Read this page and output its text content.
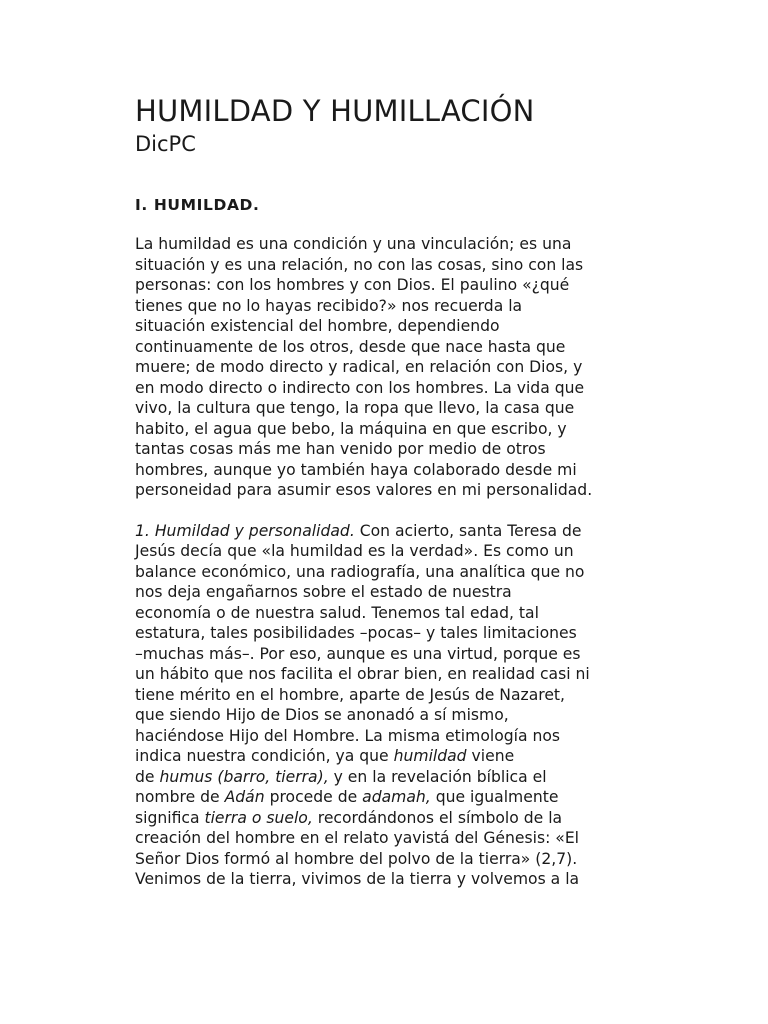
HUMILDAD Y HUMILLACIÓN
DicPC
I. HUMILDAD.

La humildad es una condición y una vinculación; es una
situación y es una relación, no con las cosas, sino con las
personas: con los hombres y con Dios. El paulino «¿qué
tienes que no lo hayas recibido?» nos recuerda la
situación existencial del hombre, dependiendo
continuamente de los otros, desde que nace hasta que
muere; de modo directo y radical, en relación con Dios, y
en modo directo o indirecto con los hombres. La vida que
vivo, la cultura que tengo, la ropa que llevo, la casa que
habito, el agua que bebo, la máquina en que escribo, y
tantas cosas más me han venido por medio de otros
hombres, aunque yo también haya colaborado desde mi
personeidad para asumir esos valores en mi personalidad.

1. Humildad y personalidad. Con acierto, santa Teresa de
Jesús decía que «la humildad es la verdad». Es como un
balance económico, una radiografía, una analítica que no
nos deja engañarnos sobre el estado de nuestra
economía o de nuestra salud. Tenemos tal edad, tal
estatura, tales posibilidades –pocas– y tales limitaciones
–muchas más–. Por eso, aunque es una virtud, porque es
un hábito que nos facilita el obrar bien, en realidad casi ni
tiene mérito en el hombre, aparte de Jesús de Nazaret,
que siendo Hijo de Dios se anonadó a sí mismo,
haciéndose Hijo del Hombre. La misma etimología nos
indica nuestra condición, ya que humildad viene
de humus (barro, tierra), y en la revelación bíblica el
nombre de Adán procede de adamah, que igualmente
significa tierra o suelo, recordándonos el símbolo de la
creación del hombre en el relato yavistá del Génesis: «El
Señor Dios formó al hombre del polvo de la tierra» (2,7).
Venimos de la tierra, vivimos de la tierra y volvemos a la
